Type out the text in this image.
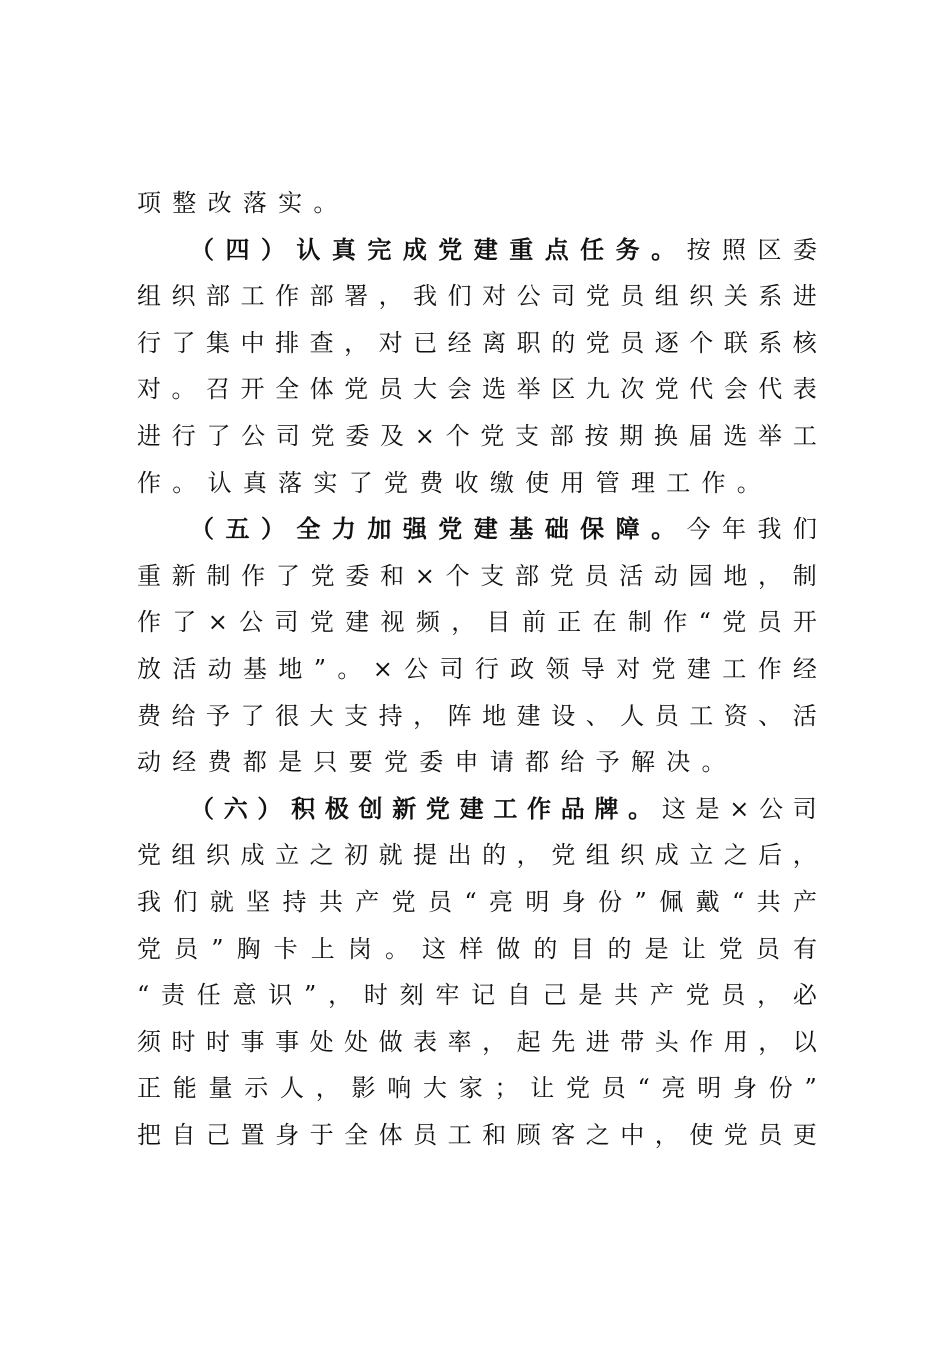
项 整 改 落 实 。
（ 四 ） 认 真 完 成 党 建 重 点 任 务 。 按 照 区 委
组 织 部 工 作 部 署 ， 我 们 对 公 司 党 员 组 织 关 系 进
行 了 集 中 排 查 ， 对 已 经 离 职 的 党 员 逐 个 联 系 核
对 。 召 开 全 体 党 员 大 会 选 举 区 九 次 党 代 会 代 表
进 行 了 公 司 党 委 及 × 个 党 支 部 按 期 换 届 选 举 工
作 。 认 真 落 实 了 党 费 收 缴 使 用 管 理 工 作 。
（ 五 ） 全 力 加 强 党 建 基 础 保 障 。 今 年 我 们
重 新 制 作 了 党 委 和 × 个 支 部 党 员 活 动 园 地 ， 制
作 了 × 公 司 党 建 视 频 ， 目 前 正 在 制 作 “ 党 员 开
放 活 动 基 地 ” 。 × 公 司 行 政 领 导 对 党 建 工 作 经
费 给 予 了 很 大 支 持 ， 阵 地 建 设 、 人 员 工 资 、 活
动 经 费 都 是 只 要 党 委 申 请 都 给 予 解 决 。
（ 六 ） 积 极 创 新 党 建 工 作 品 牌 。 这 是 × 公 司
党 组 织 成 立 之 初 就 提 出 的 ， 党 组 织 成 立 之 后 ，
我 们 就 坚 持 共 产 党 员 “ 亮 明 身 份 ” 佩 戴 “ 共 产
党 员 ” 胸 卡 上 岗 。 这 样 做 的 目 的 是 让 党 员 有
“ 责 任 意 识 ” ， 时 刻 牢 记 自 己 是 共 产 党 员 ， 必
须 时 时 事 事 处 处 做 表 率 ， 起 先 进 带 头 作 用 ， 以
正 能 量 示 人 ， 影 响 大 家 ； 让 党 员 “ 亮 明 身 份 ”
把 自 己 置 身 于 全 体 员 工 和 顾 客 之 中 ， 使 党 员 更
